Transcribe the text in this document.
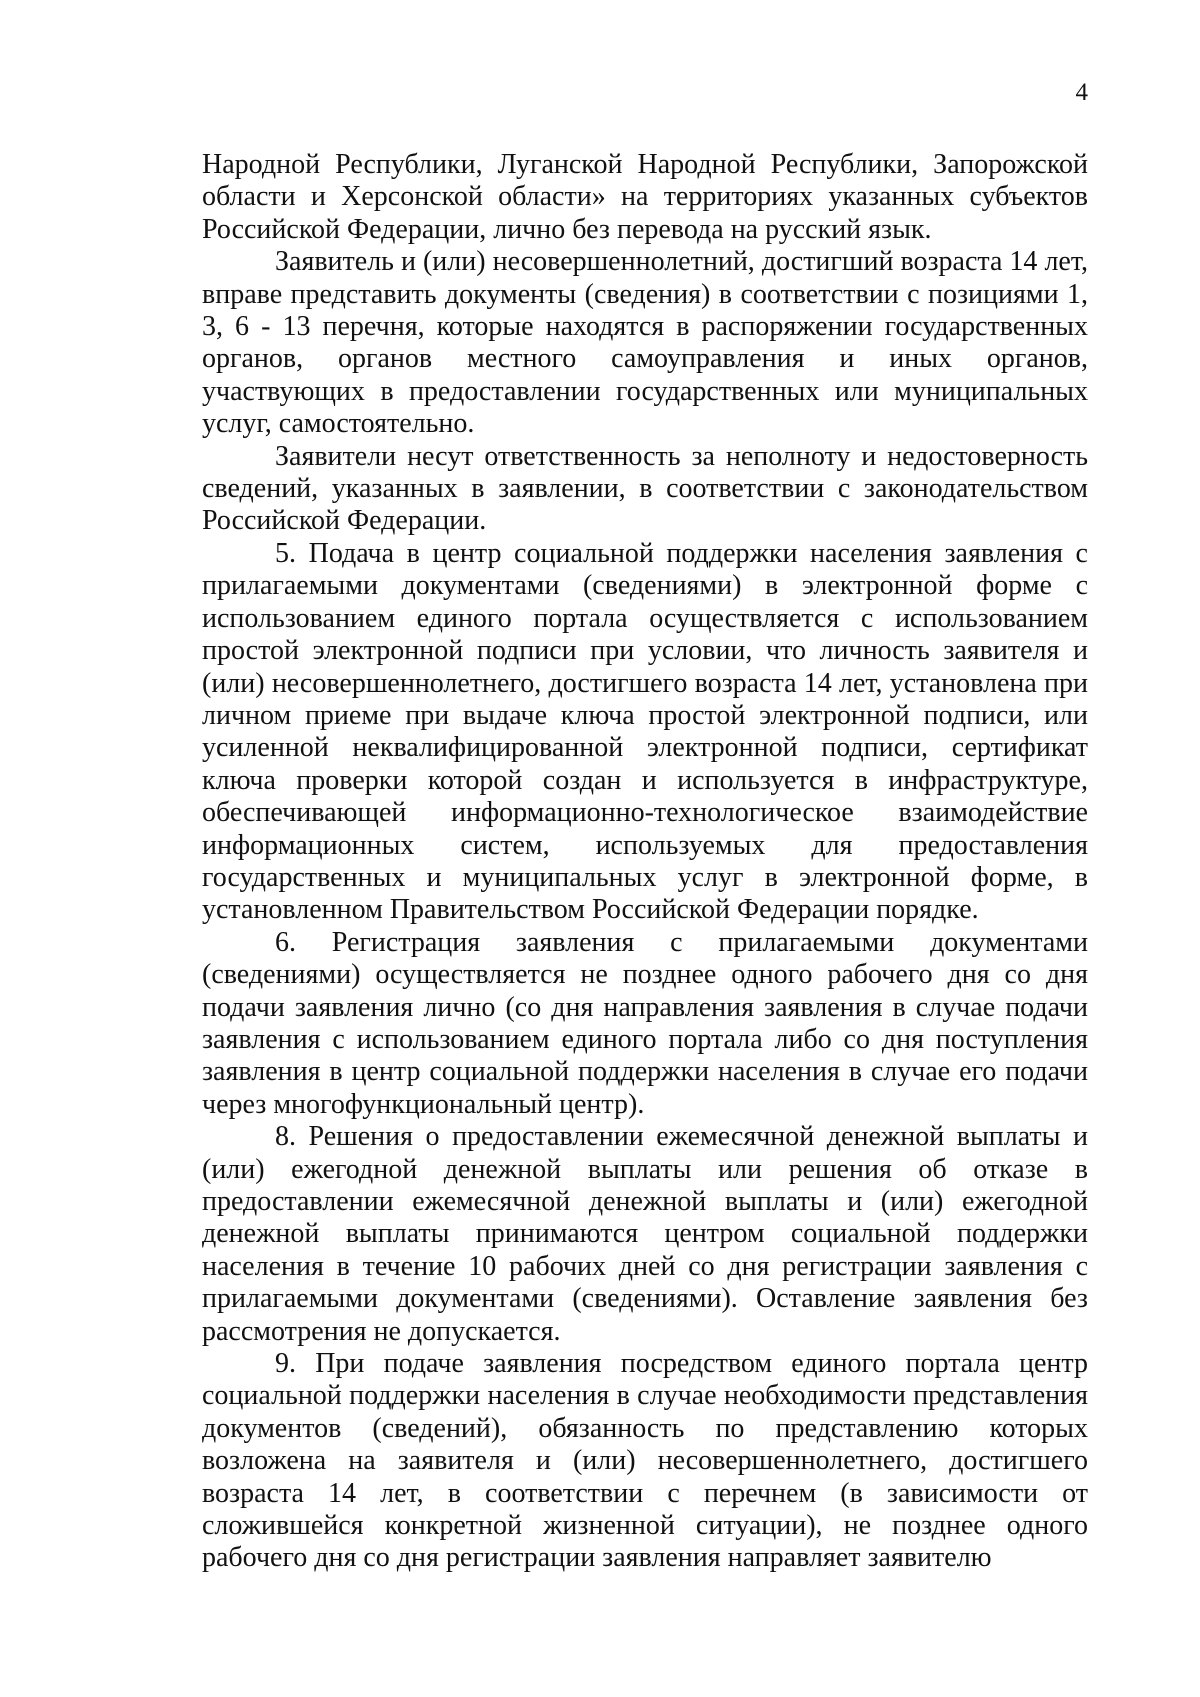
4

Народной Республики, Луганской Народной Республики, Запорожской области и Херсонской области» на территориях указанных субъектов Российской Федерации, лично без перевода на русский язык.

Заявитель и (или) несовершеннолетний, достигший возраста 14 лет, вправе представить документы (сведения) в соответствии с позициями 1, 3, 6 - 13 перечня, которые находятся в распоряжении государственных органов, органов местного самоуправления и иных органов, участвующих в предоставлении государственных или муниципальных услуг, самостоятельно.

Заявители несут ответственность за неполноту и недостоверность сведений, указанных в заявлении, в соответствии с законодательством Российской Федерации.

5. Подача в центр социальной поддержки населения заявления с прилагаемыми документами (сведениями) в электронной форме с использованием единого портала осуществляется с использованием простой электронной подписи при условии, что личность заявителя и (или) несовершеннолетнего, достигшего возраста 14 лет, установлена при личном приеме при выдаче ключа простой электронной подписи, или усиленной неквалифицированной электронной подписи, сертификат ключа проверки которой создан и используется в инфраструктуре, обеспечивающей информационно-технологическое взаимодействие информационных систем, используемых для предоставления государственных и муниципальных услуг в электронной форме, в установленном Правительством Российской Федерации порядке.

6. Регистрация заявления с прилагаемыми документами (сведениями) осуществляется не позднее одного рабочего дня со дня подачи заявления лично (со дня направления заявления в случае подачи заявления с использованием единого портала либо со дня поступления заявления в центр социальной поддержки населения в случае его подачи через многофункциональный центр).

8. Решения о предоставлении ежемесячной денежной выплаты и (или) ежегодной денежной выплаты или решения об отказе в предоставлении ежемесячной денежной выплаты и (или) ежегодной денежной выплаты принимаются центром социальной поддержки населения в течение 10 рабочих дней со дня регистрации заявления с прилагаемыми документами (сведениями). Оставление заявления без рассмотрения не допускается.

9. При подаче заявления посредством единого портала центр социальной поддержки населения в случае необходимости представления документов (сведений), обязанность по представлению которых возложена на заявителя и (или) несовершеннолетнего, достигшего возраста 14 лет, в соответствии с перечнем (в зависимости от сложившейся конкретной жизненной ситуации), не позднее одного рабочего дня со дня регистрации заявления направляет заявителю
